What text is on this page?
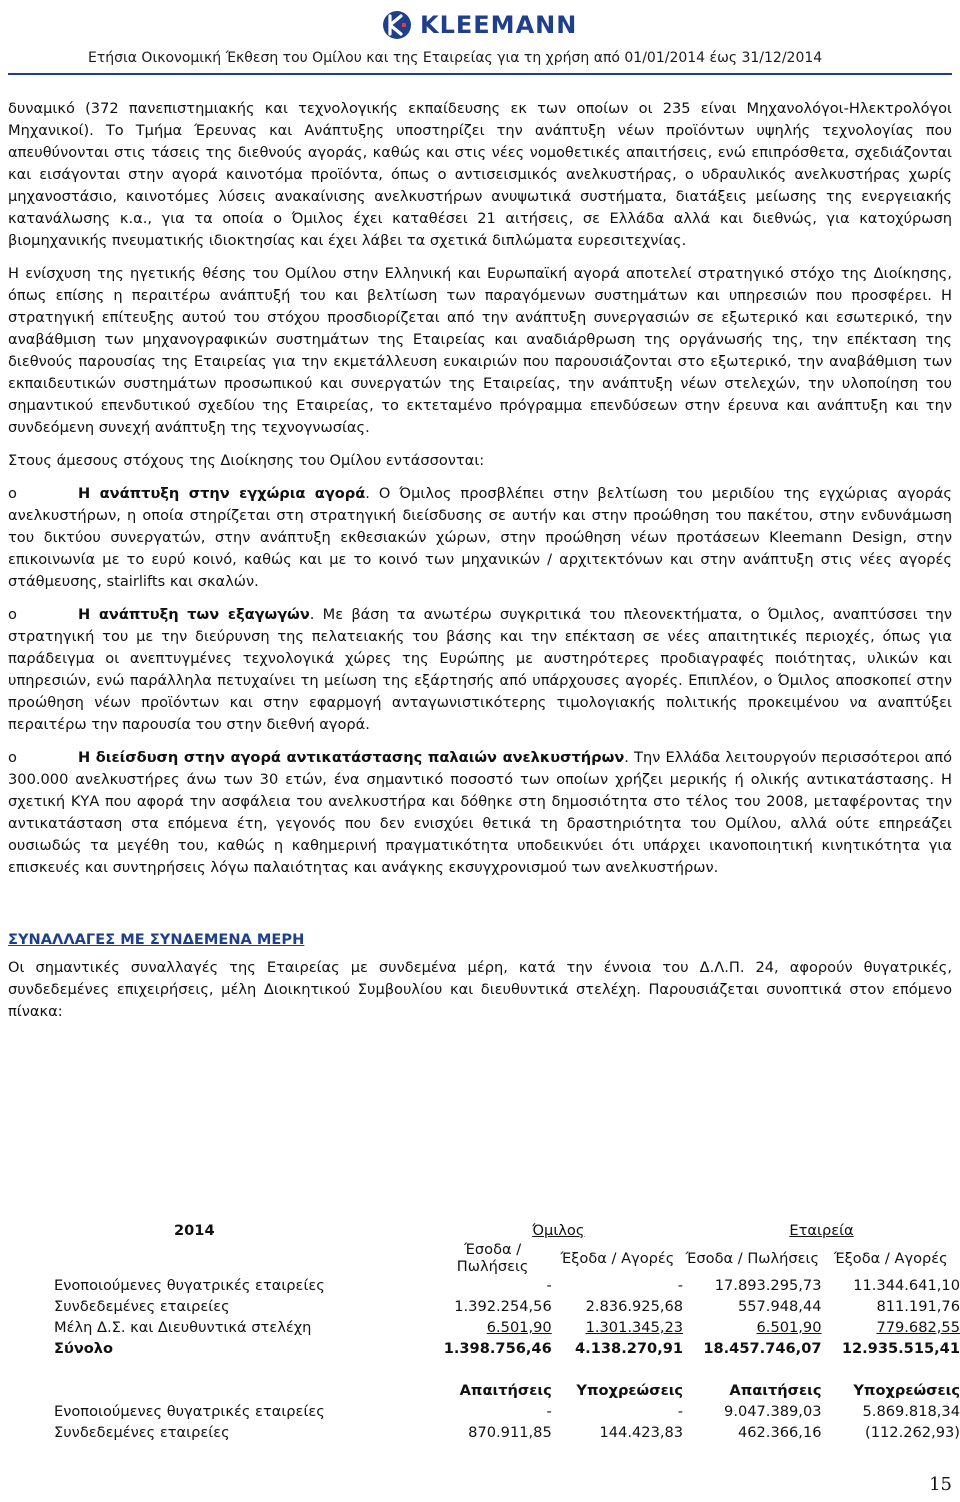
KLEEMANN
Ετήσια Οικονομική Έκθεση του Ομίλου και της Εταιρείας για τη χρήση από 01/01/2014 έως 31/12/2014

δυναμικό (372 πανεπιστημιακής και τεχνολογικής εκπαίδευσης εκ των οποίων οι 235 είναι Μηχανολόγοι-Ηλεκτρολόγοι Μηχανικοί). Το Τμήμα Έρευνας και Ανάπτυξης υποστηρίζει την ανάπτυξη νέων προϊόντων υψηλής τεχνολογίας που απευθύνονται στις τάσεις της διεθνούς αγοράς, καθώς και στις νέες νομοθετικές απαιτήσεις, ενώ επιπρόσθετα, σχεδιάζονται και εισάγονται στην αγορά καινοτόμα προϊόντα, όπως ο αντισεισμικός ανελκυστήρας, ο υδραυλικός ανελκυστήρας χωρίς μηχανοστάσιο, καινοτόμες λύσεις ανακαίνισης ανελκυστήρων ανυψωτικά συστήματα, διατάξεις μείωσης της ενεργειακής κατανάλωσης κ.α., για τα οποία ο Όμιλος έχει καταθέσει 21 αιτήσεις, σε Ελλάδα αλλά και διεθνώς, για κατοχύρωση βιομηχανικής πνευματικής ιδιοκτησίας και έχει λάβει τα σχετικά διπλώματα ευρεσιτεχνίας.

Η ενίσχυση της ηγετικής θέσης του Ομίλου στην Ελληνική και Ευρωπαϊκή αγορά αποτελεί στρατηγικό στόχο της Διοίκησης, όπως επίσης η περαιτέρω ανάπτυξή του και βελτίωση των παραγόμενων συστημάτων και υπηρεσιών που προσφέρει. Η στρατηγική επίτευξης αυτού του στόχου προσδιορίζεται από την ανάπτυξη συνεργασιών σε εξωτερικό και εσωτερικό, την αναβάθμιση των μηχανογραφικών συστημάτων της Εταιρείας και αναδιάρθρωση της οργάνωσής της, την επέκταση της διεθνούς παρουσίας της Εταιρείας για την εκμετάλλευση ευκαιριών που παρουσιάζονται στο εξωτερικό, την αναβάθμιση των εκπαιδευτικών συστημάτων προσωπικού και συνεργατών της Εταιρείας, την ανάπτυξη νέων στελεχών, την υλοποίηση του σημαντικού επενδυτικού σχεδίου της Εταιρείας, το εκτεταμένο πρόγραμμα επενδύσεων στην έρευνα και ανάπτυξη και την συνδεόμενη συνεχή ανάπτυξη της τεχνογνωσίας.

Στους άμεσους στόχους της Διοίκησης του Ομίλου εντάσσονται:

o	Η ανάπτυξη στην εγχώρια αγορά. Ο Όμιλος προσβλέπει στην βελτίωση του μεριδίου της εγχώριας αγοράς ανελκυστήρων, η οποία στηρίζεται στη στρατηγική διείσδυσης σε αυτήν και στην προώθηση του πακέτου, στην ενδυνάμωση του δικτύου συνεργατών, στην ανάπτυξη εκθεσιακών χώρων, στην προώθηση νέων προτάσεων Kleemann Design, στην επικοινωνία με το ευρύ κοινό, καθώς και με το κοινό των μηχανικών / αρχιτεκτόνων και στην ανάπτυξη στις νέες αγορές στάθμευσης, stairlifts και σκαλών.
o	Η ανάπτυξη των εξαγωγών. Με βάση τα ανωτέρω συγκριτικά του πλεονεκτήματα, ο Όμιλος, αναπτύσσει την στρατηγική του με την διεύρυνση της πελατειακής του βάσης και την επέκταση σε νέες απαιτητικές περιοχές, όπως για παράδειγμα οι ανεπτυγμένες τεχνολογικά χώρες της Ευρώπης με αυστηρότερες προδιαγραφές ποιότητας, υλικών και υπηρεσιών, ενώ παράλληλα πετυχαίνει τη μείωση της εξάρτησής από υπάρχουσες αγορές. Επιπλέον, ο Όμιλος αποσκοπεί στην προώθηση νέων προϊόντων και στην εφαρμογή ανταγωνιστικότερης τιμολογιακής πολιτικής προκειμένου να αναπτύξει περαιτέρω την παρουσία του στην διεθνή αγορά.
o	Η διείσδυση στην αγορά αντικατάστασης παλαιών ανελκυστήρων. Την Ελλάδα λειτουργούν περισσότεροι από 300.000 ανελκυστήρες άνω των 30 ετών, ένα σημαντικό ποσοστό των οποίων χρήζει μερικής ή ολικής αντικατάστασης. Η σχετική ΚΥΑ που αφορά την ασφάλεια του ανελκυστήρα και δόθηκε στη δημοσιότητα στο τέλος του 2008, μεταφέροντας την αντικατάσταση στα επόμενα έτη, γεγονός που δεν ενισχύει θετικά τη δραστηριότητα του Ομίλου, αλλά ούτε επηρεάζει ουσιωδώς τα μεγέθη του, καθώς η καθημερινή πραγματικότητα υποδεικνύει ότι υπάρχει ικανοποιητική κινητικότητα για επισκευές και συντηρήσεις λόγω παλαιότητας και ανάγκης εκσυγχρονισμού των ανελκυστήρων.

ΣΥΝΑΛΛΑΓΕΣ ΜΕ ΣΥΝΔΕΜΕΝΑ ΜΕΡΗ

Οι σημαντικές συναλλαγές της Εταιρείας με συνδεμένα μέρη, κατά την έννοια του Δ.Λ.Π. 24, αφορούν θυγατρικές, συνδεδεμένες επιχειρήσεις, μέλη Διοικητικού Συμβουλίου και διευθυντικά στελέχη. Παρουσιάζεται συνοπτικά στον επόμενο πίνακα:

2014	Όμιλος		Εταιρεία	
	Έσοδα / Πωλήσεις	Έξοδα / Αγορές	Έσοδα / Πωλήσεις	Έξοδα / Αγορές
Ενοποιούμενες θυγατρικές εταιρείες	-	-	17.893.295,73	11.344.641,10
Συνδεδεμένες εταιρείες	1.392.254,56	2.836.925,68	557.948,44	811.191,76
Μέλη Δ.Σ. και Διευθυντικά στελέχη	6.501,90	1.301.345,23	6.501,90	779.682,55
Σύνολο	1.398.756,46	4.138.270,91	18.457.746,07	12.935.515,41

	Απαιτήσεις	Υποχρεώσεις	Απαιτήσεις	Υποχρεώσεις
Ενοποιούμενες θυγατρικές εταιρείες	-	-	9.047.389,03	5.869.818,34
Συνδεδεμένες εταιρείες	870.911,85	144.423,83	462.366,16	(112.262,93)
15
